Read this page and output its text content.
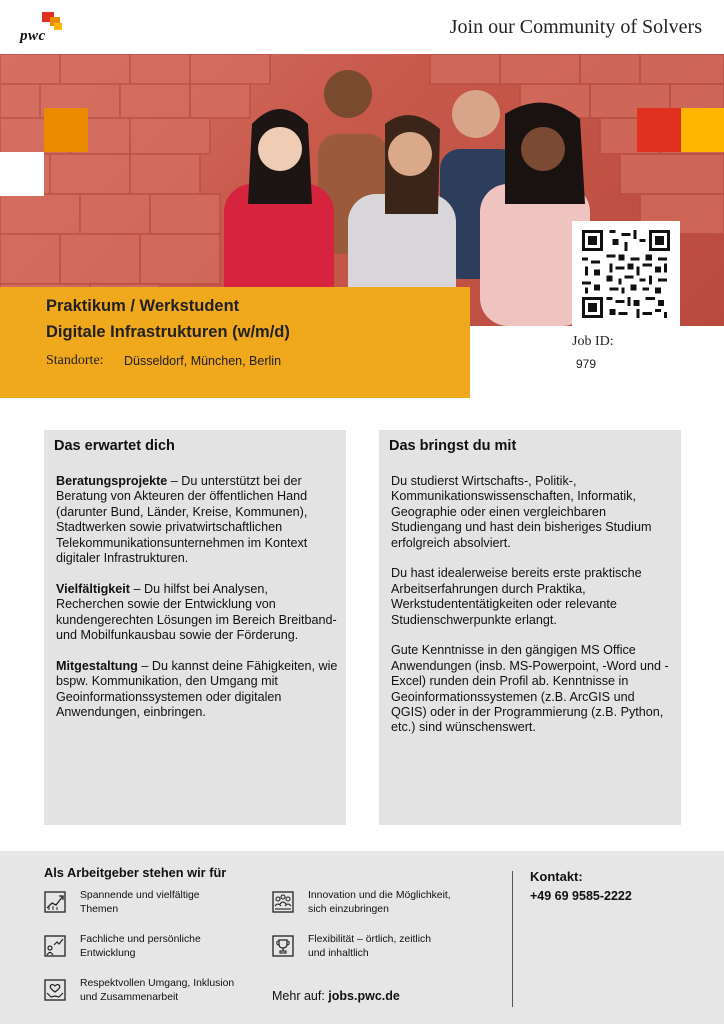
pwc	Join our Community of Solvers
Praktikum / Werkstudent
Digitale Infrastrukturen (w/m/d)
Standorte: Düsseldorf, München, Berlin
Job ID:
979
Das erwartet dich

Beratungsprojekte – Du unterstützt bei der Beratung von Akteuren der öffentlichen Hand (darunter Bund, Länder, Kreise, Kommunen), Stadtwerken sowie privatwirtschaftlichen Telekommunikationsunternehmen im Kontext digitaler Infrastrukturen.

Vielfältigkeit – Du hilfst bei Analysen, Recherchen sowie der Entwicklung von kundengerechten Lösungen im Bereich Breitband- und Mobilfunkausbau sowie der Förderung.

Mitgestaltung – Du kannst deine Fähigkeiten, wie bspw. Kommunikation, den Umgang mit Geoinformationssystemen oder digitalen Anwendungen, einbringen.

Das bringst du mit

Du studierst Wirtschafts-, Politik-, Kommunikationswissenschaften, Informatik, Geographie oder einen vergleichbaren Studiengang und hast dein bisheriges Studium erfolgreich absolviert.

Du hast idealerweise bereits erste praktische Arbeitserfahrungen durch Praktika, Werkstudententätigkeiten oder relevante Studienschwerpunkte erlangt.

Gute Kenntnisse in den gängigen MS Office Anwendungen (insb. MS-Powerpoint, -Word und -Excel) runden dein Profil ab. Kenntnisse in Geoinformationssystemen (z.B. ArcGIS und QGIS) oder in der Programmierung (z.B. Python, etc.) sind wünschenswert.

Als Arbeitgeber stehen wir für
Spannende und vielfältige
Themen
Fachliche und persönliche
Entwicklung
Respektvollen Umgang, Inklusion
und Zusammenarbeit
Innovation und die Möglichkeit,
sich einzubringen
Flexibilität – örtlich, zeitlich
und inhaltlich
Mehr auf: jobs.pwc.de
Kontakt:
+49 69 9585-2222
